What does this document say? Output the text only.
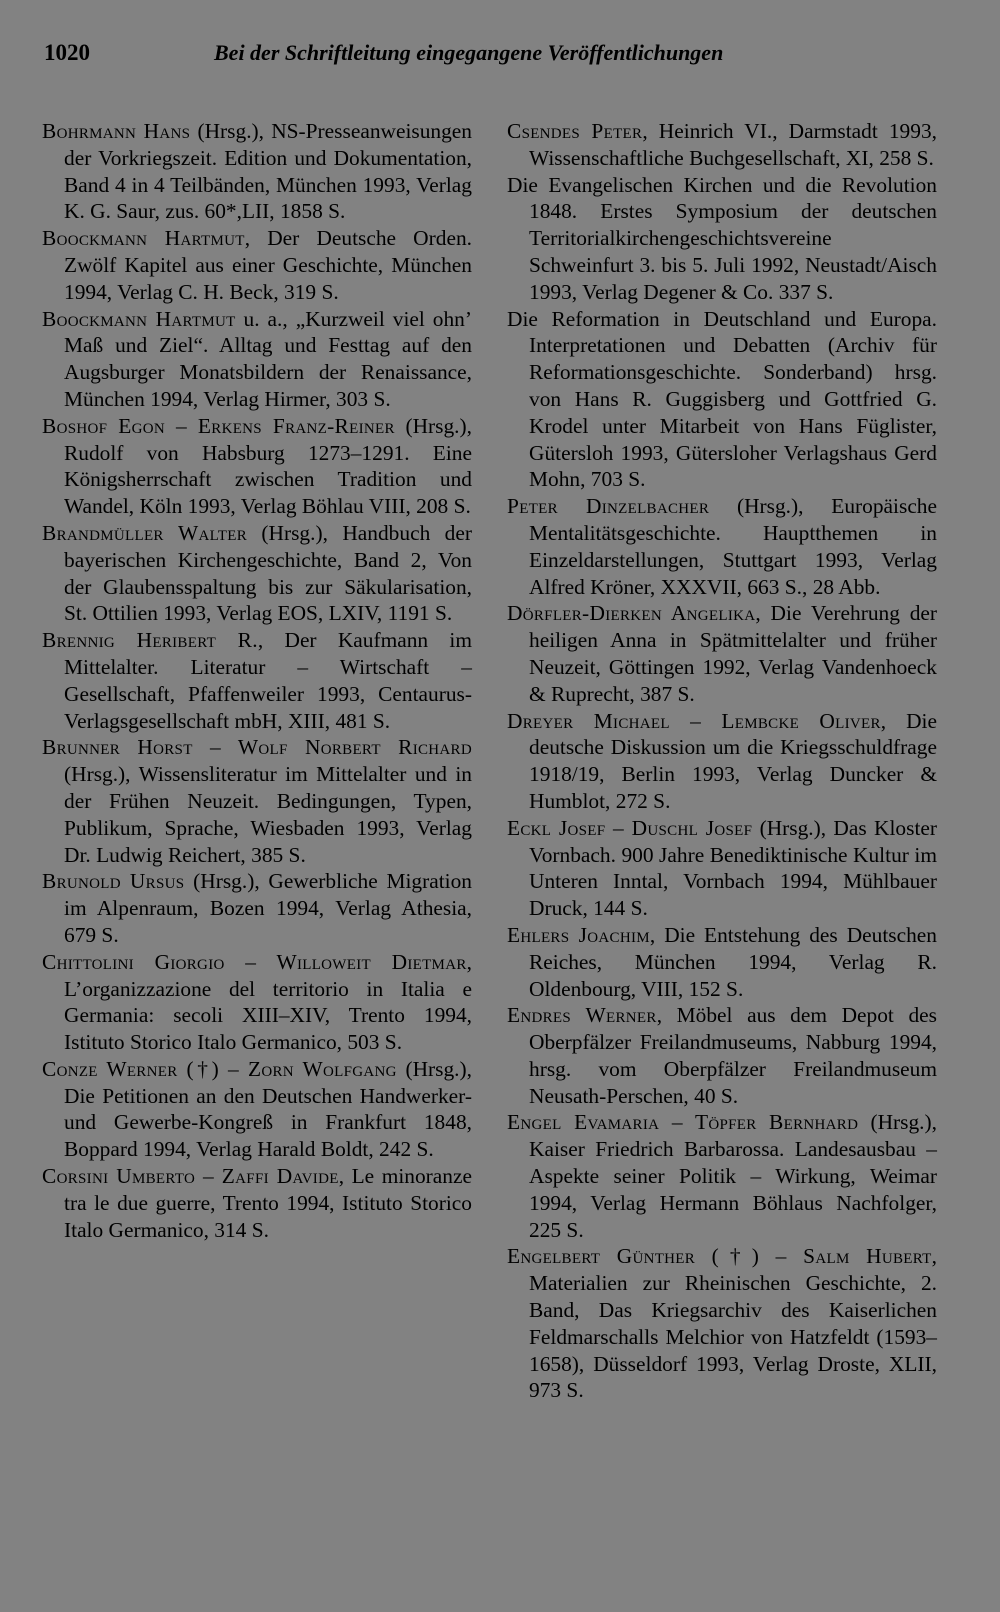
1020	Bei der Schriftleitung eingegangene Veröffentlichungen

Bohrmann Hans (Hrsg.), NS-Presseanweisungen der Vorkriegszeit. Edition und Dokumentation, Band 4 in 4 Teilbänden, München 1993, Verlag K. G. Saur, zus. 60*,LII, 1858 S.

Boockmann Hartmut, Der Deutsche Orden. Zwölf Kapitel aus einer Geschichte, München 1994, Verlag C. H. Beck, 319 S.

Boockmann Hartmut u. a., „Kurzweil viel ohn’ Maß und Ziel“. Alltag und Festtag auf den Augsburger Monatsbildern der Renaissance, München 1994, Verlag Hirmer, 303 S.

Boshof Egon – Erkens Franz-Reiner (Hrsg.), Rudolf von Habsburg 1273–1291. Eine Königsherrschaft zwischen Tradition und Wandel, Köln 1993, Verlag Böhlau VIII, 208 S.

Brandmüller Walter (Hrsg.), Handbuch der bayerischen Kirchengeschichte, Band 2, Von der Glaubensspaltung bis zur Säkularisation, St. Ottilien 1993, Verlag EOS, LXIV, 1191 S.

Brennig Heribert R., Der Kaufmann im Mittelalter. Literatur – Wirtschaft – Gesellschaft, Pfaffenweiler 1993, Centaurus-Verlagsgesellschaft mbH, XIII, 481 S.

Brunner Horst – Wolf Norbert Richard (Hrsg.), Wissensliteratur im Mittelalter und in der Frühen Neuzeit. Bedingungen, Typen, Publikum, Sprache, Wiesbaden 1993, Verlag Dr. Ludwig Reichert, 385 S.

Brunold Ursus (Hrsg.), Gewerbliche Migration im Alpenraum, Bozen 1994, Verlag Athesia, 679 S.

Chittolini Giorgio – Willoweit Dietmar, L’organizzazione del territorio in Italia e Germania: secoli XIII–XIV, Trento 1994, Istituto Storico Italo Germanico, 503 S.

Conze Werner (†) – Zorn Wolfgang (Hrsg.), Die Petitionen an den Deutschen Handwerker- und Gewerbe-Kongreß in Frankfurt 1848, Boppard 1994, Verlag Harald Boldt, 242 S.

Corsini Umberto – Zaffi Davide, Le minoranze tra le due guerre, Trento 1994, Istituto Storico Italo Germanico, 314 S.

Csendes Peter, Heinrich VI., Darmstadt 1993, Wissenschaftliche Buchgesellschaft, XI, 258 S.

Die Evangelischen Kirchen und die Revolution 1848. Erstes Symposium der deutschen Territorialkirchengeschichtsvereine Schweinfurt 3. bis 5. Juli 1992, Neustadt/Aisch 1993, Verlag Degener & Co. 337 S.

Die Reformation in Deutschland und Europa. Interpretationen und Debatten (Archiv für Reformationsgeschichte. Sonderband) hrsg. von Hans R. Guggisberg und Gottfried G. Krodel unter Mitarbeit von Hans Füglister, Gütersloh 1993, Gütersloher Verlagshaus Gerd Mohn, 703 S.

Peter Dinzelbacher (Hrsg.), Europäische Mentalitätsgeschichte. Hauptthemen in Einzeldarstellungen, Stuttgart 1993, Verlag Alfred Kröner, XXXVII, 663 S., 28 Abb.

Dörfler-Dierken Angelika, Die Verehrung der heiligen Anna in Spätmittelalter und früher Neuzeit, Göttingen 1992, Verlag Vandenhoeck & Ruprecht, 387 S.

Dreyer Michael – Lembcke Oliver, Die deutsche Diskussion um die Kriegsschuldfrage 1918/19, Berlin 1993, Verlag Duncker & Humblot, 272 S.

Eckl Josef – Duschl Josef (Hrsg.), Das Kloster Vornbach. 900 Jahre Benediktinische Kultur im Unteren Inntal, Vornbach 1994, Mühlbauer Druck, 144 S.

Ehlers Joachim, Die Entstehung des Deutschen Reiches, München 1994, Verlag R. Oldenbourg, VIII, 152 S.

Endres Werner, Möbel aus dem Depot des Oberpfälzer Freilandmuseums, Nabburg 1994, hrsg. vom Oberpfälzer Freilandmuseum Neusath-Perschen, 40 S.

Engel Evamaria – Töpfer Bernhard (Hrsg.), Kaiser Friedrich Barbarossa. Landesausbau – Aspekte seiner Politik – Wirkung, Weimar 1994, Verlag Hermann Böhlaus Nachfolger, 225 S.

Engelbert Günther (†) – Salm Hubert, Materialien zur Rheinischen Geschichte, 2. Band, Das Kriegsarchiv des Kaiserlichen Feldmarschalls Melchior von Hatzfeldt (1593–1658), Düsseldorf 1993, Verlag Droste, XLII, 973 S.
